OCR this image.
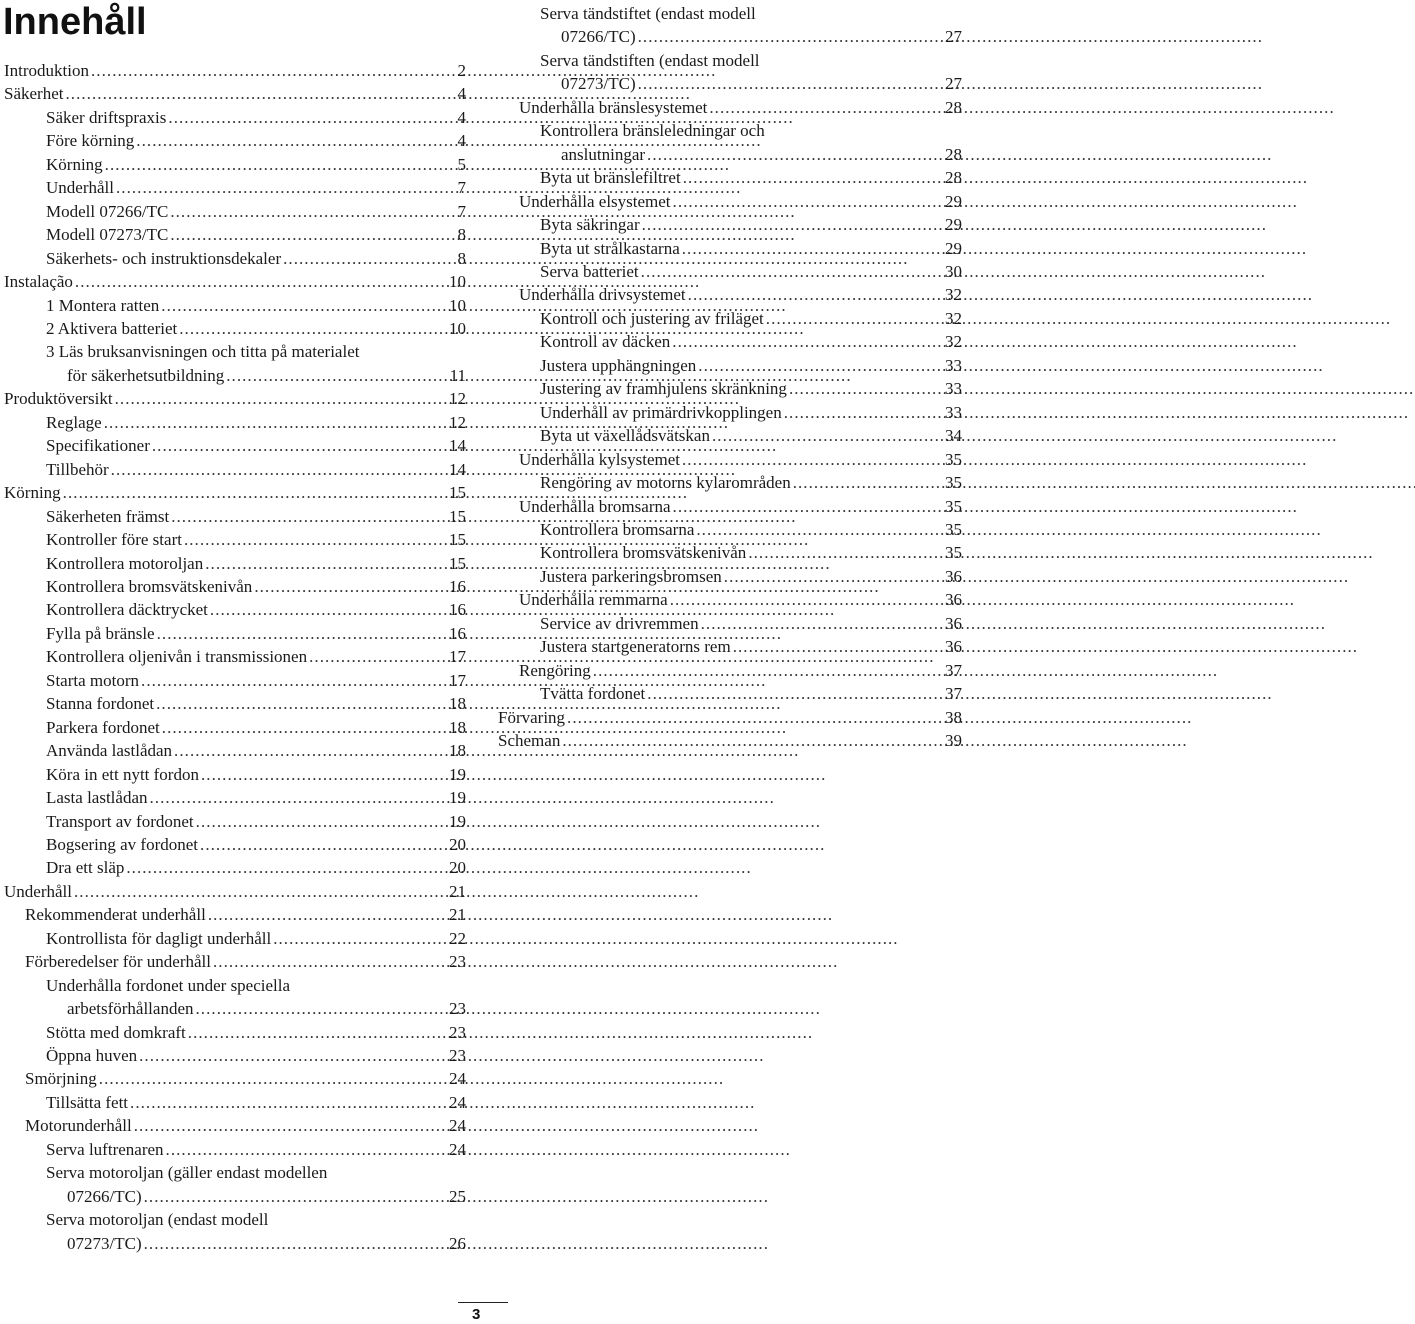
Innehåll
Introduktion . . .	2
Säkerhet . . .	4
Säker driftspraxis . . .	4
Före körning . . .	4
Körning . . .	5
Underhåll . . .	7
Modell 07266/TC . . .	7
Modell 07273/TC . . .	8
Säkerhets- och instruktionsdekaler . . .	8
Instalação . . .	10
1 Montera ratten . . .	10
2 Aktivera batteriet . . .	10
3 Läs bruksanvisningen och titta på materialet
för säkerhetsutbildning . . .	11
Produktöversikt . . .	12
Reglage . . .	12
Specifikationer . . .	14
Tillbehör . . .	14
Körning . . .	15
Säkerheten främst . . .	15
Kontroller före start . . .	15
Kontrollera motoroljan . . .	15
Kontrollera bromsvätskenivån . . .	16
Kontrollera däcktrycket . . .	16
Fylla på bränsle . . .	16
Kontrollera oljenivån i transmissionen . . .	17
Starta motorn . . .	17
Stanna fordonet . . .	18
Parkera fordonet . . .	18
Använda lastlådan . . .	18
Köra in ett nytt fordon . . .	19
Lasta lastlådan . . .	19
Transport av fordonet . . .	19
Bogsering av fordonet . . .	20
Dra ett släp . . .	20
Underhåll . . .	21
Rekommenderat underhåll . . .	21
Kontrollista för dagligt underhåll . . .	22
Förberedelser för underhåll . . .	23
Underhålla fordonet under speciella
arbetsförhållanden . . .	23
Stötta med domkraft . . .	23
Öppna huven . . .	23
Smörjning . . .	24
Tillsätta fett . . .	24
Motorunderhåll . . .	24
Serva luftrenaren . . .	24
Serva motoroljan (gäller endast modellen
07266/TC) . . .	25
Serva motoroljan (endast modell
07273/TC) . . .	26
Serva tändstiftet (endast modell
07266/TC) . . .	27
Serva tändstiften (endast modell
07273/TC) . . .	27
Underhålla bränslesystemet . . .	28
Kontrollera bränsleledningar och
anslutningar . . .	28
Byta ut bränslefiltret . . .	28
Underhålla elsystemet . . .	29
Byta säkringar . . .	29
Byta ut strålkastarna . . .	29
Serva batteriet . . .	30
Underhålla drivsystemet . . .	32
Kontroll och justering av friläget . . .	32
Kontroll av däcken . . .	32
Justera upphängningen . . .	33
Justering av framhjulens skränkning . . .	33
Underhåll av primärdrivkopplingen . . .	33
Byta ut växellådsvätskan . . .	34
Underhålla kylsystemet . . .	35
Rengöring av motorns kylarområden . . .	35
Underhålla bromsarna . . .	35
Kontrollera bromsarna . . .	35
Kontrollera bromsvätskenivån . . .	35
Justera parkeringsbromsen . . .	36
Underhålla remmarna . . .	36
Service av drivremmen . . .	36
Justera startgeneratorns rem . . .	36
Rengöring . . .	37
Tvätta fordonet . . .	37
Förvaring . . .	38
Scheman . . .	39
3
